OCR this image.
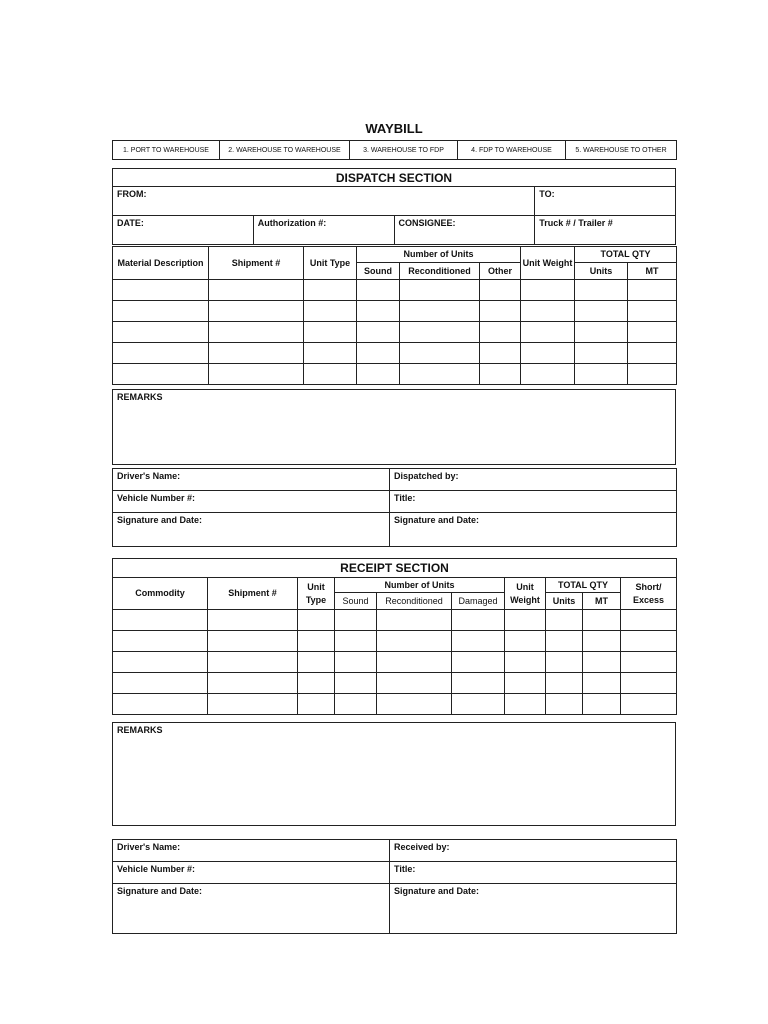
WAYBILL
1. PORT TO WAREHOUSE	2. WAREHOUSE TO WAREHOUSE	3. WAREHOUSE TO FDP	4. FDP TO WAREHOUSE	5. WAREHOUSE TO OTHER
DISPATCH SECTION			

FROM:			TO:

DATE:	Authorization #:	CONSIGNEE:	Truck # / Trailer #
Material Description	Shipment #	Unit Type	Number of Units			Unit Weight	TOTAL QTY	
			Sound	Reconditioned	Other		Units	MT

REMARKS
Driver's Name:	Dispatched by:

Vehicle Number #:	Title:

Signature and Date:	Signature and Date:
RECEIPT SECTION									
Commodity	Shipment #	Unit Type	Number of Units			Unit Weight	TOTAL QTY		Short/ Excess
			Sound	Reconditioned	Damaged		Units	MT	

REMARKS
Driver's Name:	Received by:

Vehicle Number #:	Title:

Signature and Date:	Signature and Date:
